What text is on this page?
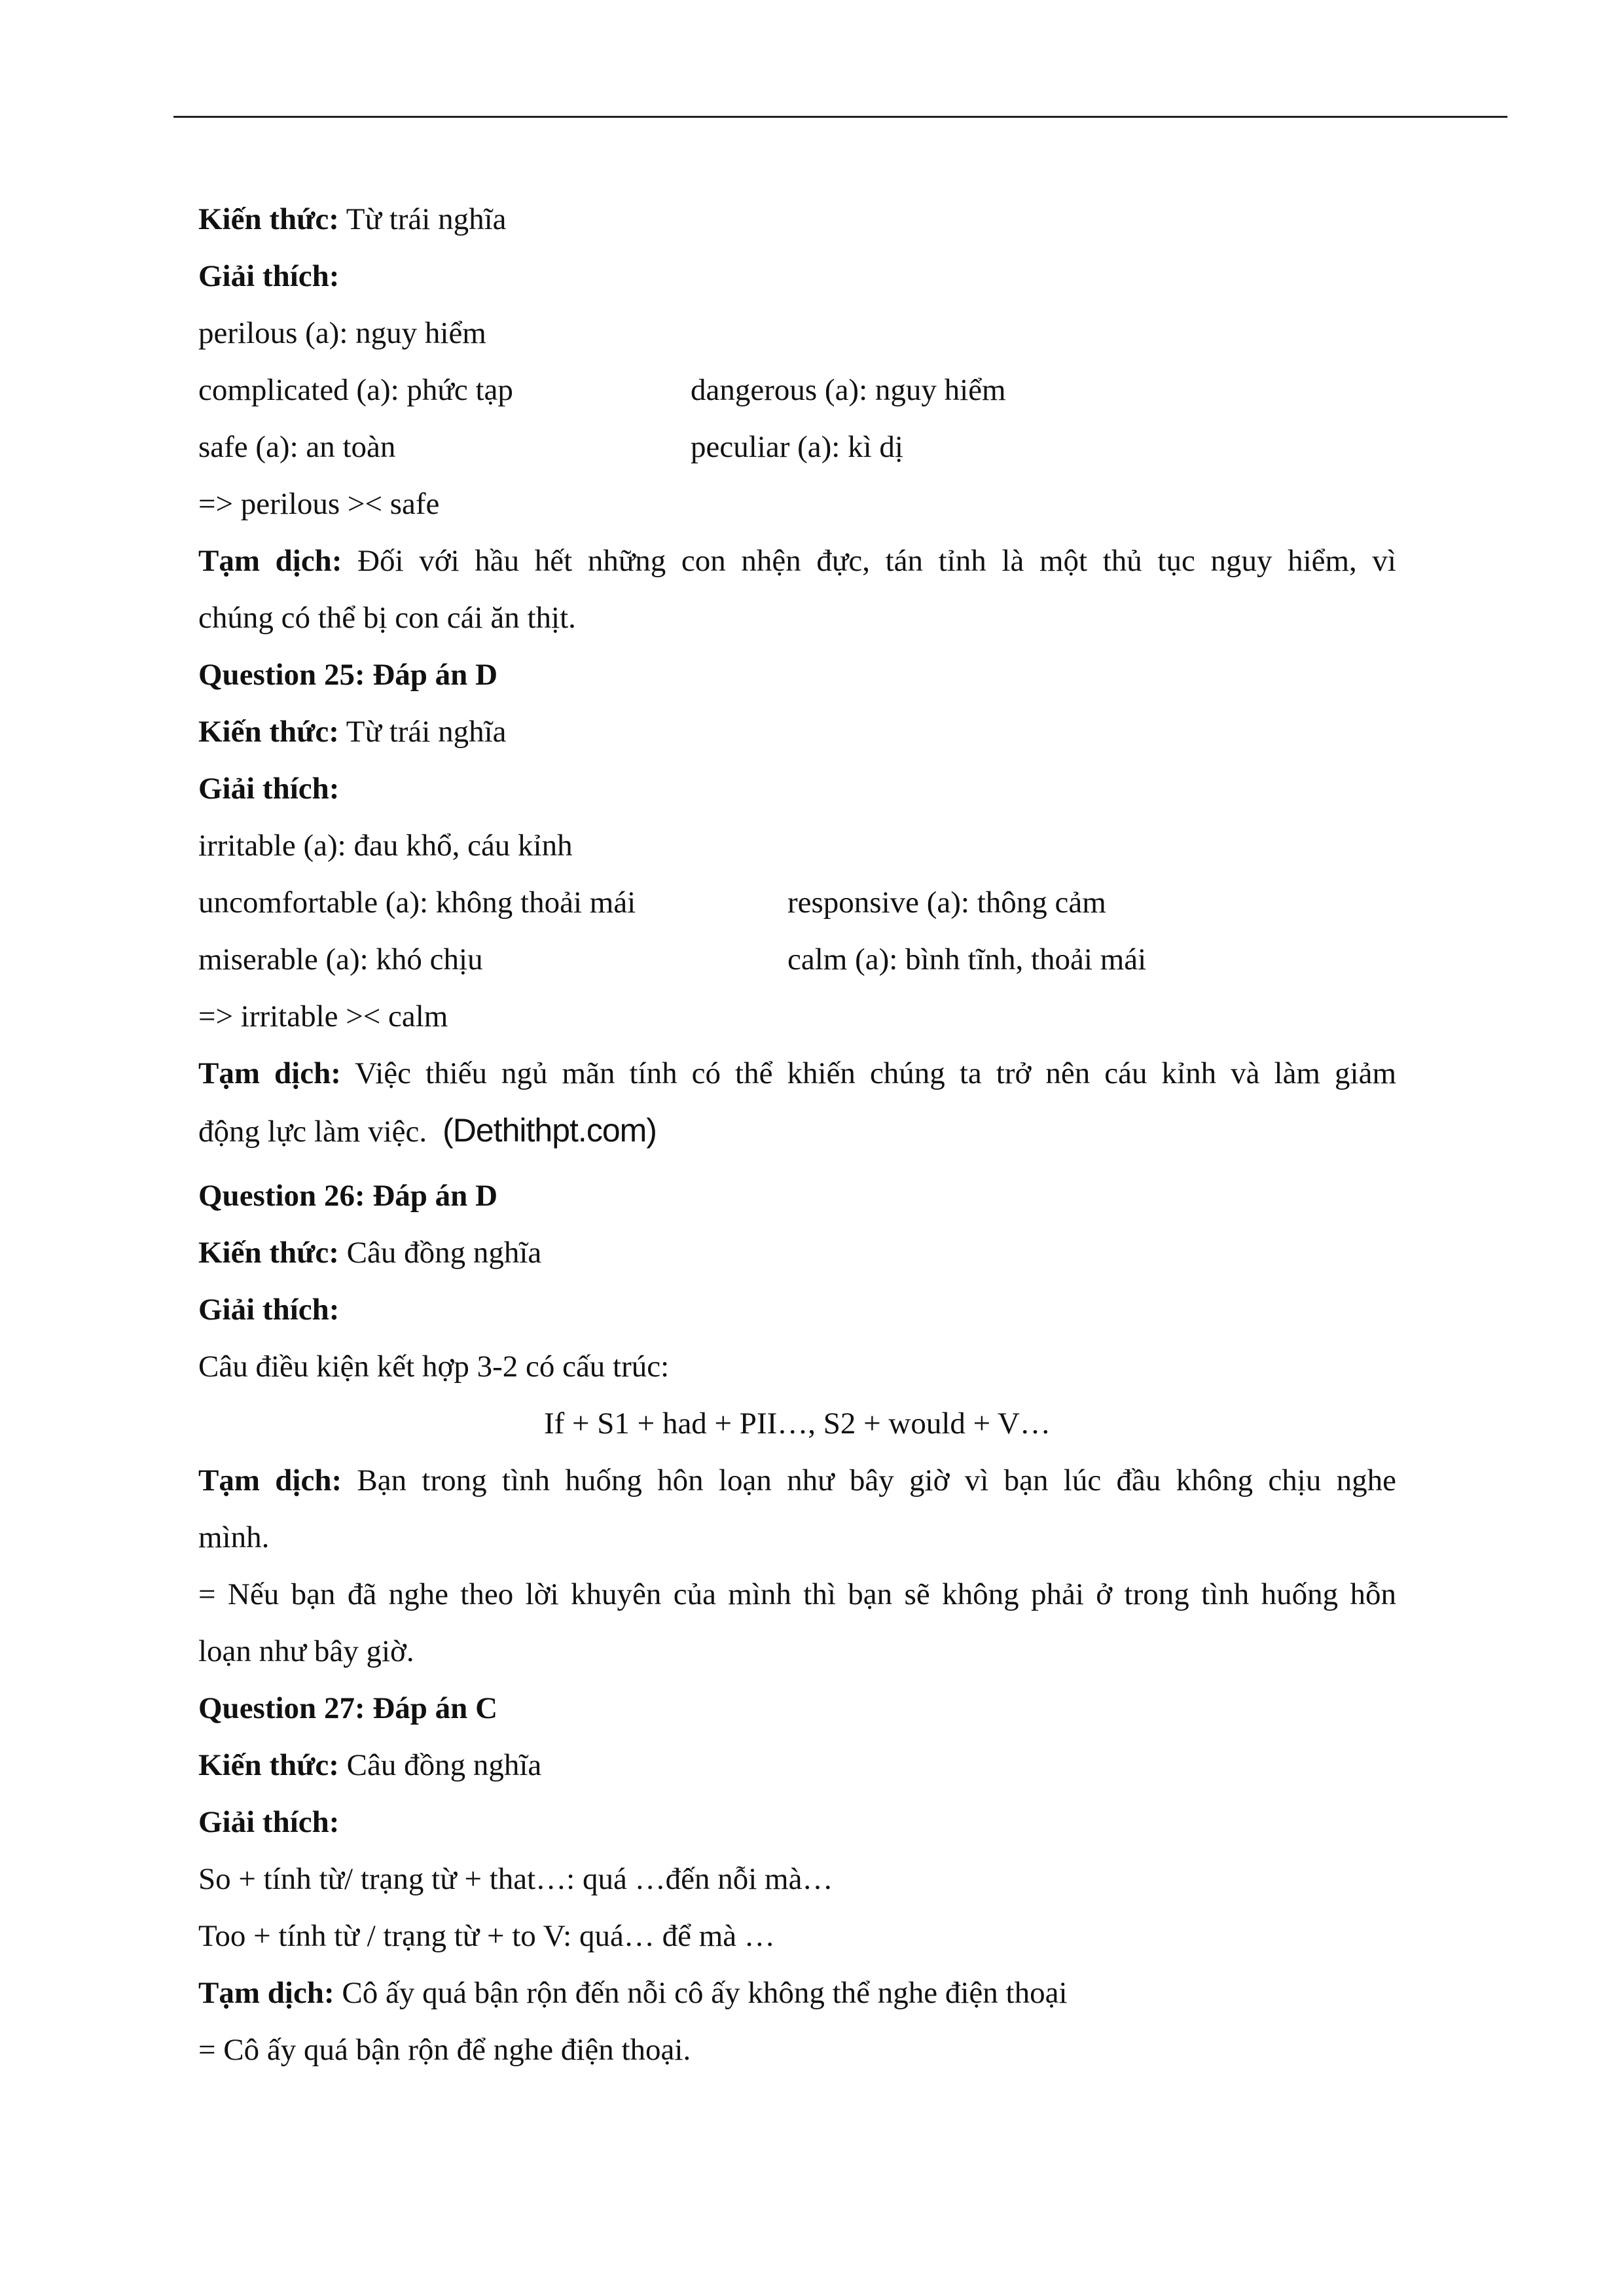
Kiến thức: Từ trái nghĩa
Giải thích:
perilous (a): nguy hiểm
complicated (a): phức tạp	dangerous (a): nguy hiểm
safe (a): an toàn	peculiar (a): kì dị
=> perilous >< safe
Tạm dịch: Đối với hầu hết những con nhện đực, tán tỉnh là một thủ tục nguy hiểm, vì
chúng có thể bị con cái ăn thịt.
Question 25: Đáp án D
Kiến thức: Từ trái nghĩa
Giải thích:
irritable (a): đau khổ, cáu kỉnh
uncomfortable (a): không thoải mái	responsive (a): thông cảm
miserable (a): khó chịu	calm (a): bình tĩnh, thoải mái
=> irritable >< calm
Tạm dịch: Việc thiếu ngủ mãn tính có thể khiến chúng ta trở nên cáu kỉnh và làm giảm
động lực làm việc. (Dethithpt.com)
Question 26: Đáp án D
Kiến thức: Câu đồng nghĩa
Giải thích:
Câu điều kiện kết hợp 3-2 có cấu trúc:
If + S1 + had + PII…, S2 + would + V…
Tạm dịch: Bạn trong tình huống hôn loạn như bây giờ vì bạn lúc đầu không chịu nghe
mình.
= Nếu bạn đã nghe theo lời khuyên của mình thì bạn sẽ không phải ở trong tình huống hỗn
loạn như bây giờ.
Question 27: Đáp án C
Kiến thức: Câu đồng nghĩa
Giải thích:
So + tính từ/ trạng từ + that…: quá …đến nỗi mà…
Too + tính từ / trạng từ + to V: quá… để mà …
Tạm dịch: Cô ấy quá bận rộn đến nỗi cô ấy không thể nghe điện thoại
= Cô ấy quá bận rộn để nghe điện thoại.
